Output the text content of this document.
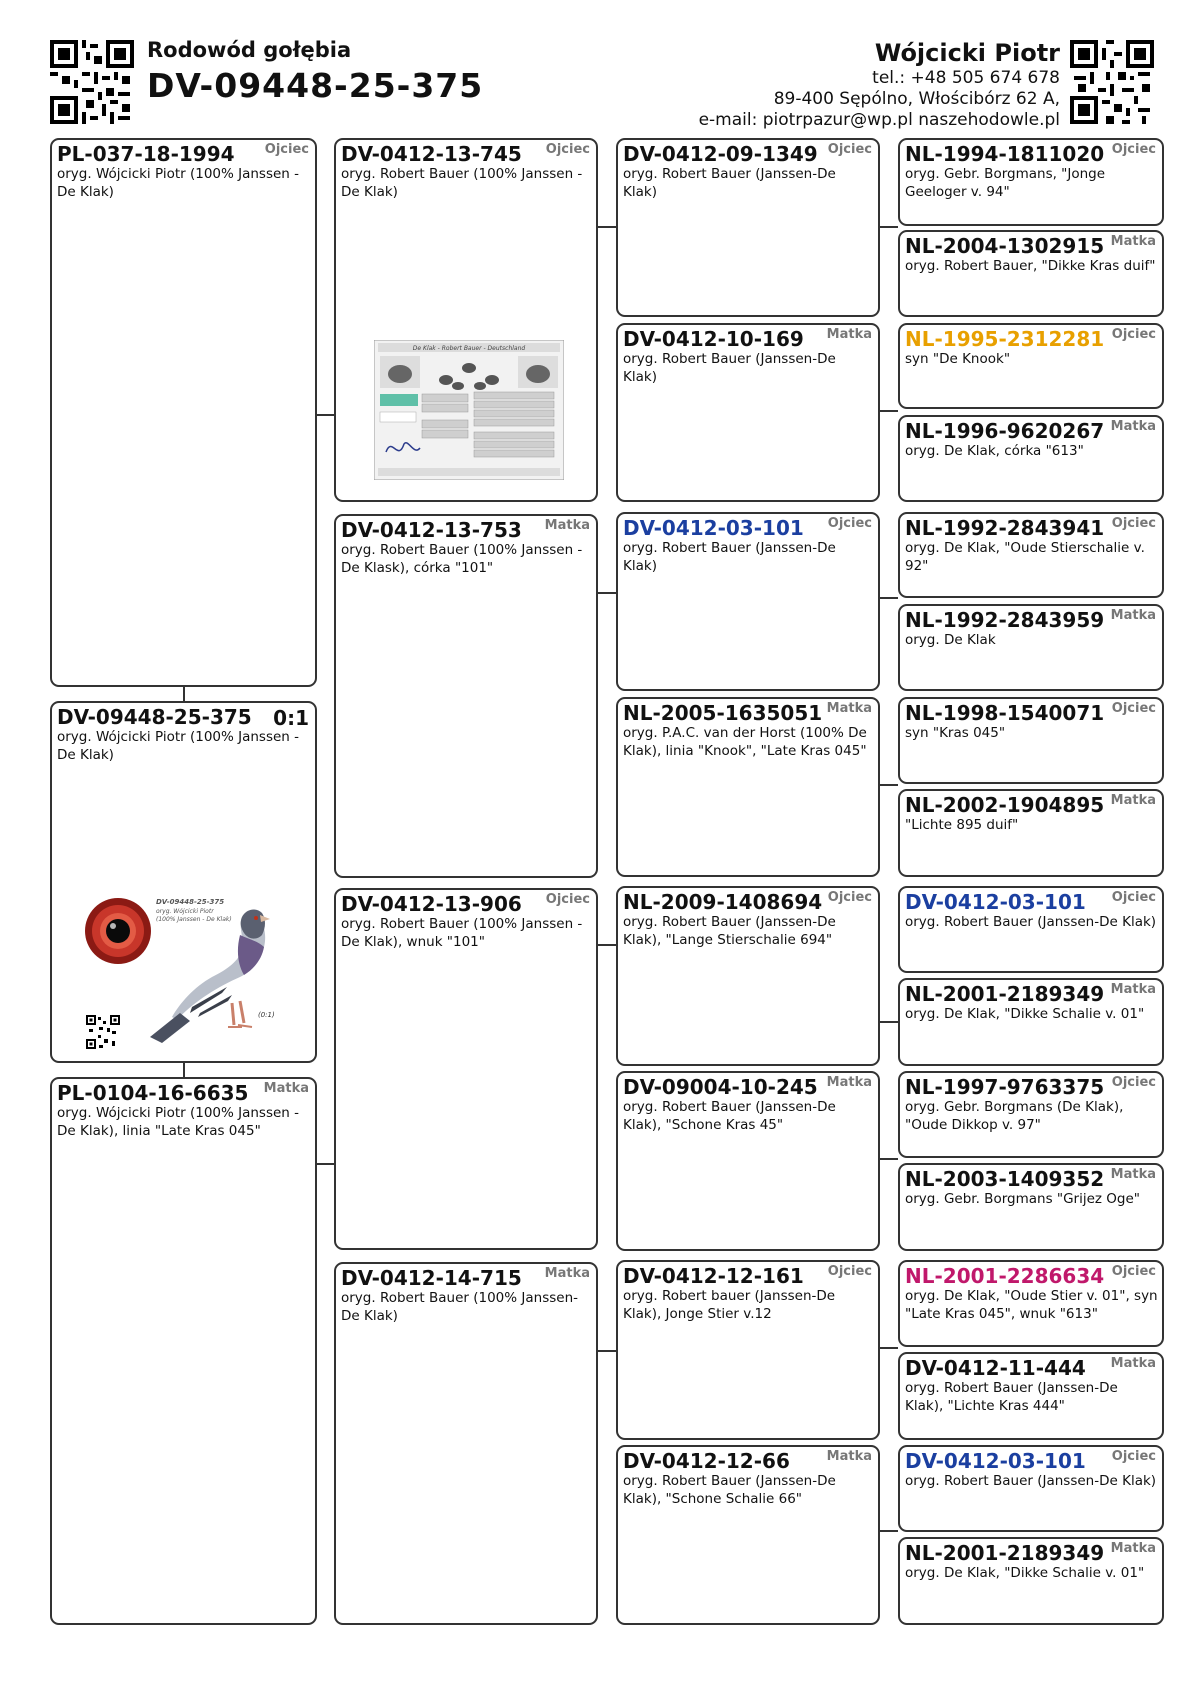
Rodowód gołębia
DV-09448-25-375
Wójcicki Piotr
tel.: +48 505 674 678
89-400 Sępólno, Włościbórz 62 A,
e-mail: piotrpazur@wp.pl naszehodowle.pl
PL-037-18-1994 Ojciec
oryg. Wójcicki Piotr (100% Janssen - De Klak)
DV-09448-25-375 0:1
oryg. Wójcicki Piotr (100% Janssen - De Klak)
DV-09448-25-375
oryg. Wójcicki Piotr
(100% Janssen - De Klak)
(0:1)
PL-0104-16-6635 Matka
oryg. Wójcicki Piotr (100% Janssen - De Klak), linia "Late Kras 045"
DV-0412-13-745 Ojciec
oryg. Robert Bauer (100% Janssen - De Klak)
De Klak - Robert Bauer - Deutschland
DV-0412-13-753 Matka
oryg. Robert Bauer (100% Janssen - De Klask), córka "101"
DV-0412-13-906 Ojciec
oryg. Robert Bauer (100% Janssen - De Klak), wnuk "101"
DV-0412-14-715 Matka
oryg. Robert Bauer (100% Janssen-De Klak)
DV-0412-09-1349 Ojciec
oryg. Robert Bauer (Janssen-De Klak)
DV-0412-10-169 Matka
oryg. Robert Bauer (Janssen-De Klak)
DV-0412-03-101 Ojciec
oryg. Robert Bauer (Janssen-De Klak)
NL-2005-1635051 Matka
oryg. P.A.C. van der Horst (100% De Klak), linia "Knook", "Late Kras 045"
NL-2009-1408694 Ojciec
oryg. Robert Bauer (Janssen-De Klak), "Lange Stierschalie 694"
DV-09004-10-245 Matka
oryg. Robert Bauer (Janssen-De Klak), "Schone Kras 45"
DV-0412-12-161 Ojciec
oryg. Robert bauer (Janssen-De Klak), Jonge Stier v.12
DV-0412-12-66	Matka
oryg. Robert Bauer (Janssen-De Klak), "Schone Schalie 66"
NL-1994-1811020 Ojciec
oryg. Gebr. Borgmans, "Jonge Geeloger v. 94"
NL-2004-1302915 Matka
oryg. Robert Bauer, "Dikke Kras duif"
NL-1995-2312281 Ojciec
syn "De Knook"
NL-1996-9620267 Matka
oryg. De Klak, córka "613"
NL-1992-2843941 Ojciec
oryg. De Klak, "Oude Stierschalie v. 92"
NL-1992-2843959 Matka
oryg. De Klak
NL-1998-1540071 Ojciec
syn "Kras 045"
NL-2002-1904895 Matka
"Lichte 895 duif"
DV-0412-03-101 Ojciec
oryg. Robert Bauer (Janssen-De Klak)
NL-2001-2189349 Matka
oryg. De Klak, "Dikke Schalie v. 01"
NL-1997-9763375 Ojciec
oryg. Gebr. Borgmans (De Klak), "Oude Dikkop v. 97"
NL-2003-1409352 Matka
oryg. Gebr. Borgmans "Grijez Oge"
NL-2001-2286634 Ojciec
oryg. De Klak, "Oude Stier v. 01", syn "Late Kras 045", wnuk "613"
DV-0412-11-444 Matka
oryg. Robert Bauer (Janssen-De Klak), "Lichte Kras 444"
DV-0412-03-101 Ojciec
oryg. Robert Bauer (Janssen-De Klak)
NL-2001-2189349 Matka
oryg. De Klak, "Dikke Schalie v. 01"
